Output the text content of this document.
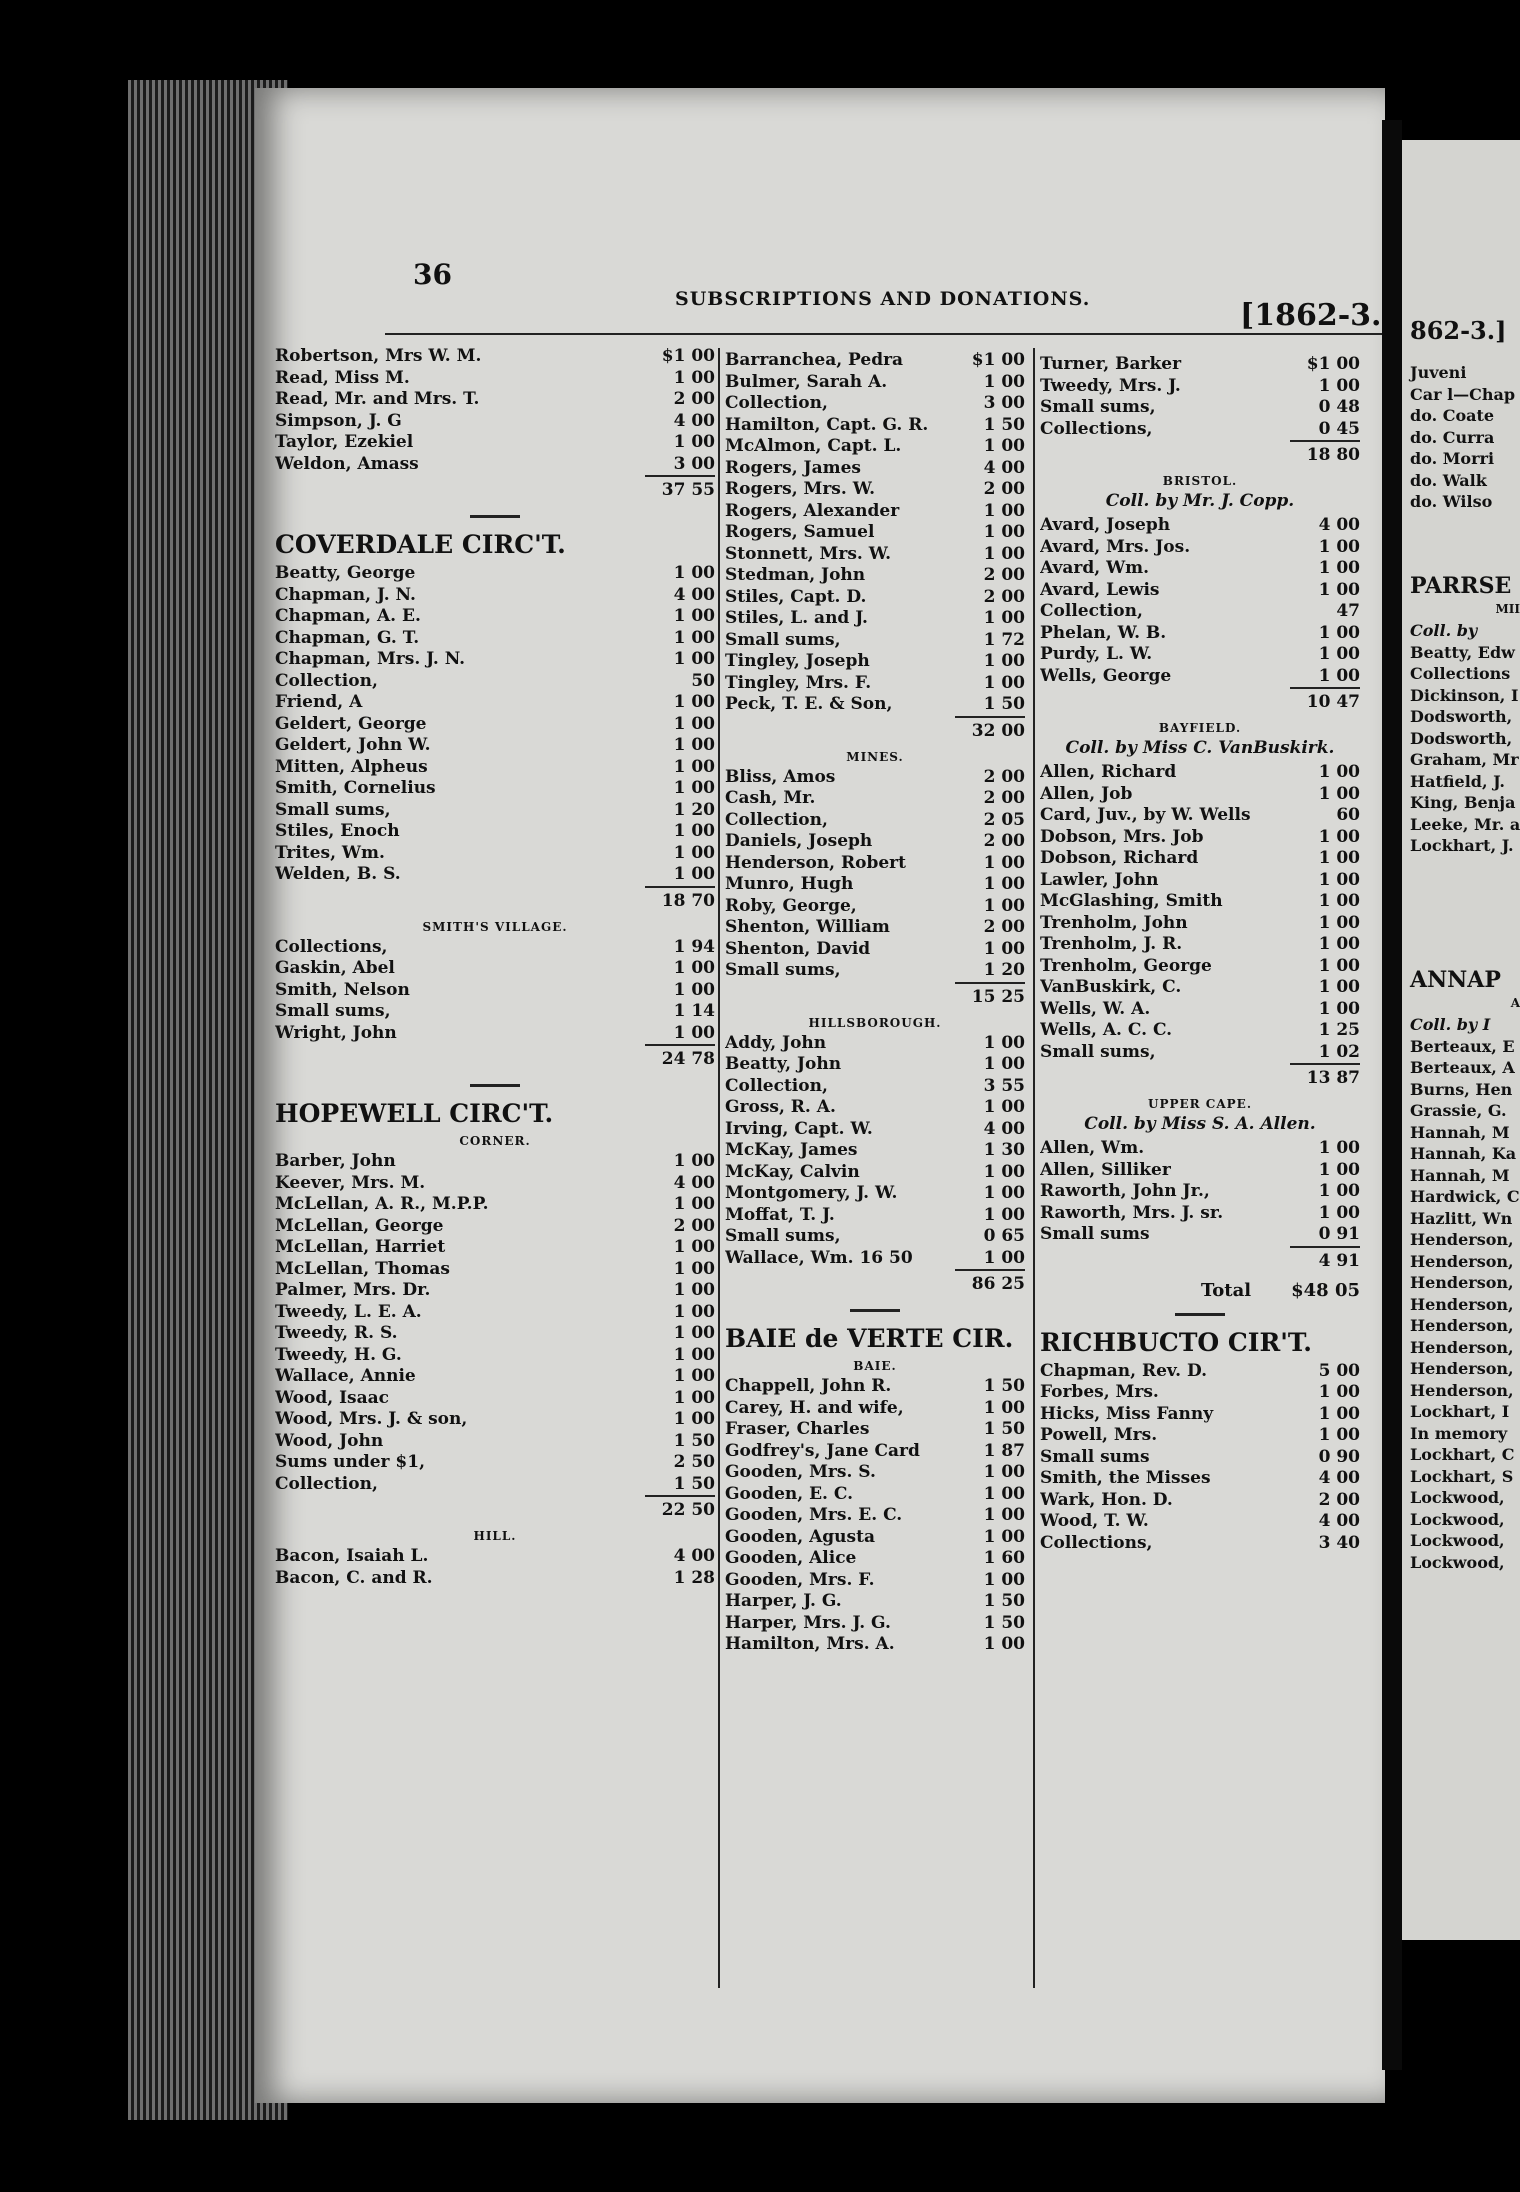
36
SUBSCRIPTIONS AND DONATIONS.	[1862-3.
Robertson, Mrs W. M.	$1 00
Read, Miss M.	1 00
Read, Mr. and Mrs. T.	2 00
Simpson, J. G	4 00
Taylor, Ezekiel	1 00
Weldon, Amass	3 00
37 55
COVERDALE CIRC'T.
Beatty, George	1 00
Chapman, J. N.	4 00
Chapman, A. E.	1 00
Chapman, G. T.	1 00
Chapman, Mrs. J. N.	1 00
Collection,	50
Friend, A	1 00
Geldert, George	1 00
Geldert, John W.	1 00
Mitten, Alpheus	1 00
Smith, Cornelius	1 00
Small sums,	1 20
Stiles, Enoch	1 00
Trites, Wm.	1 00
Welden, B. S.	1 00
18 70
SMITH'S VILLAGE.
Collections,	1 94
Gaskin, Abel	1 00
Smith, Nelson	1 00
Small sums,	1 14
Wright, John	1 00
24 78
HOPEWELL CIRC'T.
CORNER.
Barber, John	1 00
Keever, Mrs. M.	4 00
McLellan, A. R., M.P.P.	1 00
McLellan, George	2 00
McLellan, Harriet	1 00
McLellan, Thomas	1 00
Palmer, Mrs. Dr.	1 00
Tweedy, L. E. A.	1 00
Tweedy, R. S.	1 00
Tweedy, H. G.	1 00
Wallace, Annie	1 00
Wood, Isaac	1 00
Wood, Mrs. J. & son,	1 00
Wood, John	1 50
Sums under $1,	2 50
Collection,	1 50
22 50
HILL.
Bacon, Isaiah L.	4 00
Bacon, C. and R.	1 28
Barranchea, Pedra	$1 00
Bulmer, Sarah A.	1 00
Collection,	3 00
Hamilton, Capt. G. R.	1 50
McAlmon, Capt. L.	1 00
Rogers, James	4 00
Rogers, Mrs. W.	2 00
Rogers, Alexander	1 00
Rogers, Samuel	1 00
Stonnett, Mrs. W.	1 00
Stedman, John	2 00
Stiles, Capt. D.	2 00
Stiles, L. and J.	1 00
Small sums,	1 72
Tingley, Joseph	1 00
Tingley, Mrs. F.	1 00
Peck, T. E. & Son,	1 50
32 00
MINES.
Bliss, Amos	2 00
Cash, Mr.	2 00
Collection,	2 05
Daniels, Joseph	2 00
Henderson, Robert	1 00
Munro, Hugh	1 00
Roby, George,	1 00
Shenton, William	2 00
Shenton, David	1 00
Small sums,	1 20
15 25
HILLSBOROUGH.
Addy, John	1 00
Beatty, John	1 00
Collection,	3 55
Gross, R. A.	1 00
Irving, Capt. W.	4 00
McKay, James	1 30
McKay, Calvin	1 00
Montgomery, J. W.	1 00
Moffat, T. J.	1 00
Small sums,	0 65
Wallace, Wm. 16 50	1 00
86 25
BAIE de VERTE CIR.
BAIE.
Chappell, John R.	1 50
Carey, H. and wife,	1 00
Fraser, Charles	1 50
Godfrey's, Jane Card	1 87
Gooden, Mrs. S.	1 00
Gooden, E. C.	1 00
Gooden, Mrs. E. C.	1 00
Gooden, Agusta	1 00
Gooden, Alice	1 60
Gooden, Mrs. F.	1 00
Harper, J. G.	1 50
Harper, Mrs. J. G.	1 50
Hamilton, Mrs. A.	1 00
Turner, Barker	$1 00
Tweedy, Mrs. J.	1 00
Small sums,	0 48
Collections,	0 45
18 80
BRISTOL.
Coll. by Mr. J. Copp.
Avard, Joseph	4 00
Avard, Mrs. Jos.	1 00
Avard, Wm.	1 00
Avard, Lewis	1 00
Collection,	47
Phelan, W. B.	1 00
Purdy, L. W.	1 00
Wells, George	1 00
10 47
BAYFIELD.
Coll. by Miss C. VanBuskirk.
Allen, Richard	1 00
Allen, Job	1 00
Card, Juv., by W. Wells	60
Dobson, Mrs. Job	1 00
Dobson, Richard	1 00
Lawler, John	1 00
McGlashing, Smith	1 00
Trenholm, John	1 00
Trenholm, J. R.	1 00
Trenholm, George	1 00
VanBuskirk, C.	1 00
Wells, W. A.	1 00
Wells, A. C. C.	1 25
Small sums,	1 02
13 87
UPPER CAPE.
Coll. by Miss S. A. Allen.
Allen, Wm.	1 00
Allen, Silliker	1 00
Raworth, John Jr.,	1 00
Raworth, Mrs. J. sr.	1 00
Small sums	0 91
4 91
Total $48 05
RICHBUCTO CIR'T.
Chapman, Rev. D.	5 00
Forbes, Mrs.	1 00
Hicks, Miss Fanny	1 00
Powell, Mrs.	1 00
Small sums	0 90
Smith, the Misses	4 00
Wark, Hon. D.	2 00
Wood, T. W.	4 00
Collections,	3 40
862-3.]
Juveni
Car l—Chap
do. Coate
do. Curra
do. Morri
do. Walk
do. Wilso
PARRSE
MII
Coll. by
Beatty, Edw
Collections
Dickinson, I
Dodsworth,
Dodsworth,
Graham, Mr
Hatfield, J.
King, Benja
Leeke, Mr. a
Lockhart, J.
ANNAP
A
Coll. by I
Berteaux, E
Berteaux, A
Burns, Hen
Grassie, G.
Hannah, M
Hannah, Ka
Hannah, M
Hardwick, C
Hazlitt, Wn
Henderson,
Henderson,
Henderson,
Henderson,
Henderson,
Henderson,
Henderson,
Henderson,
Lockhart, I
In memory
Lockhart, C
Lockhart, S
Lockwood,
Lockwood,
Lockwood,
Lockwood,
